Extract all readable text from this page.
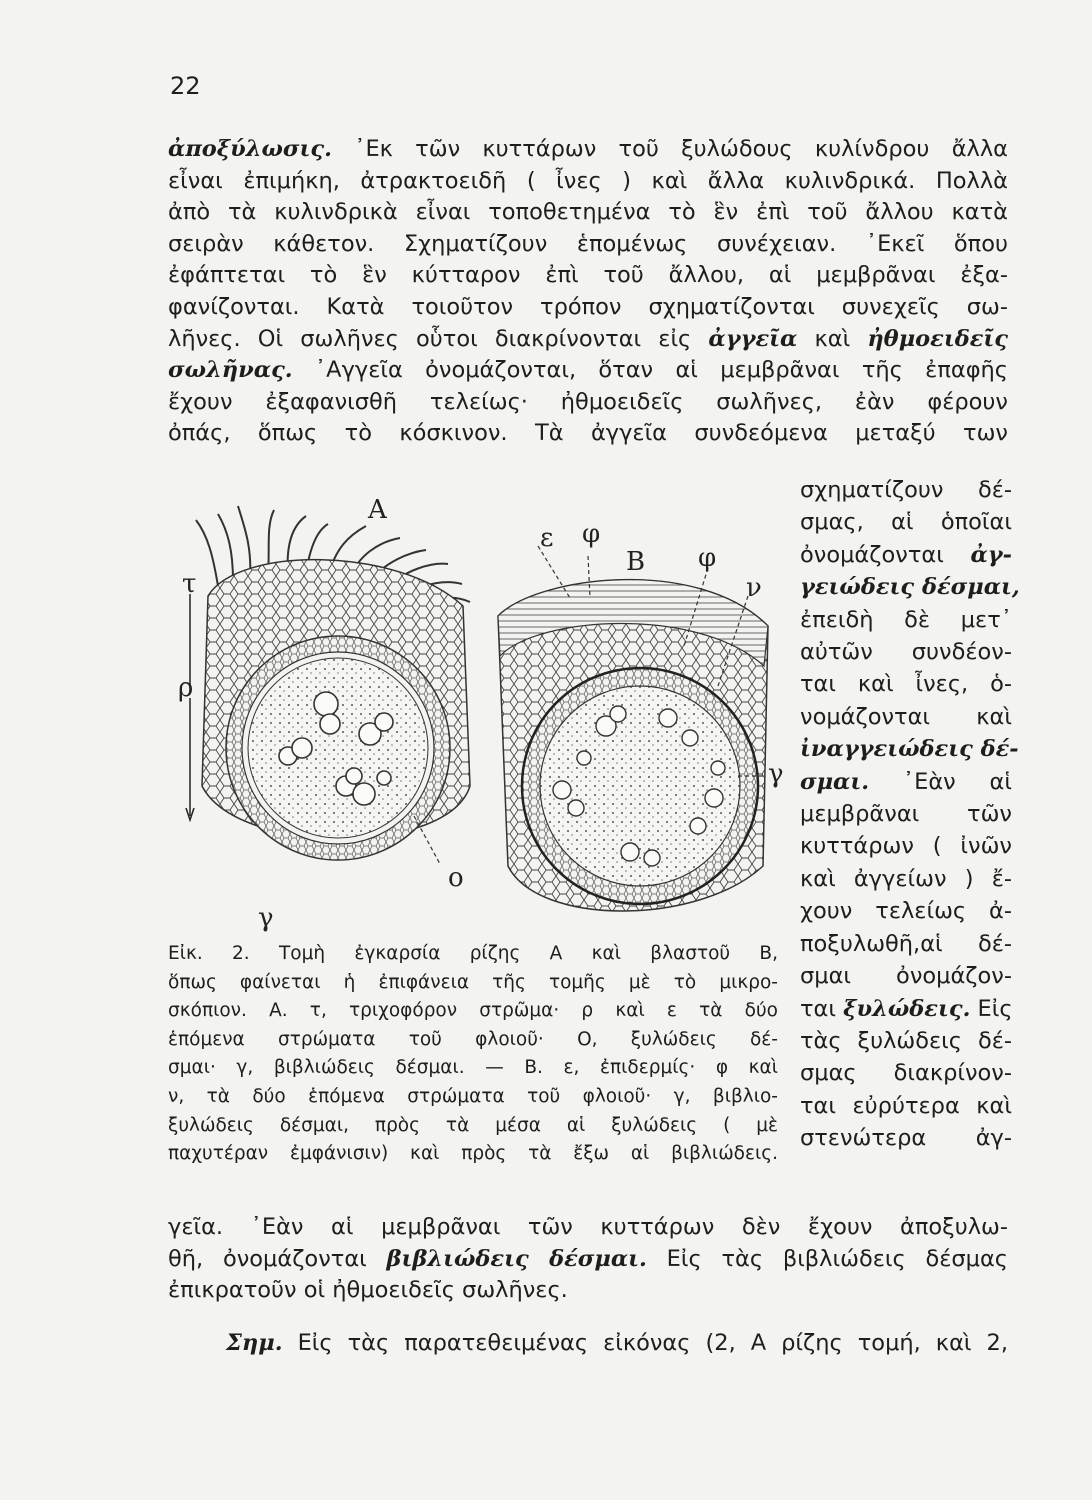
22
ἀποξύλωσις. ᾿Εκ τῶν κυττάρων τοῦ ξυλώδους κυλίνδρου ἄλλα
εἶναι ἐπιμήκη, ἀτρακτοειδῆ ( ἶνες ) καὶ ἄλλα κυλινδρικά. Πολλὰ
ἀπὸ τὰ κυλινδρικὰ εἶναι τοποθετημένα τὸ ἓν ἐπὶ τοῦ ἄλλου κατὰ
σειρὰν κάθετον. Σχηματίζουν ἑπομένως συνέχειαν. ᾿Εκεῖ ὅπου
ἐφάπτεται τὸ ἓν κύτταρον ἐπὶ τοῦ ἄλλου, αἱ μεμβρᾶναι ἐξα-
φανίζονται. Κατὰ τοιοῦτον τρόπον σχηματίζονται συνεχεῖς σω-
λῆνες. Οἱ σωλῆνες οὗτοι διακρίνονται εἰς ἀγγεῖα καὶ ἠθμοειδεῖς
σωλῆνας. ᾿Αγγεῖα ὀνομάζονται, ὅταν αἱ μεμβρᾶναι τῆς ἐπαφῆς
ἔχουν ἐξαφανισθῆ τελείως· ἠθμοειδεῖς σωλῆνες, ἐὰν φέρουν
ὀπάς, ὅπως τὸ κόσκινον. Τὰ ἀγγεῖα συνδεόμενα μεταξύ των
σχηματίζουν δέ-
σμας, αἱ ὁποῖαι
ὀνομάζονται ἀγ-
γειώδεις δέσμαι,
ἐπειδὴ δὲ μετ᾿
αὐτῶν συνδέον-
ται καὶ ἶνες, ὁ-
νομάζονται καὶ
ἰναγγειώδεις δέ-
σμαι. ᾿Εὰν αἱ
μεμβρᾶναι τῶν
κυττάρων ( ἰνῶν
καὶ ἀγγείων ) ἔ-
χουν τελείως ἀ-
ποξυλωθῆ,αἱ δέ-
σμαι ὀνομάζον-
ται ξυλώδεις. Εἰς
τὰς ξυλώδεις δέ-
σμας διακρίνον-
ται εὐρύτερα καὶ
στενώτερα ἀγ-
A
τ
ρ
γ
ο
ε φ
B φ
ν
γ
Εἰκ. 2. Τομὴ ἐγκαρσία ρίζης Α καὶ βλαστοῦ Β,
ὅπως φαίνεται ἡ ἐπιφάνεια τῆς τομῆς μὲ τὸ μικρο-
σκόπιον. Α. τ, τριχοφόρον στρῶμα· ρ καὶ ε τὰ δύο
ἑπόμενα στρώματα τοῦ φλοιοῦ· Ο, ξυλώδεις δέ-
σμαι· γ, βιβλιώδεις δέσμαι. — Β. ε, ἐπιδερμίς· φ καὶ
ν, τὰ δύο ἑπόμενα στρώματα τοῦ φλοιοῦ· γ, βιβλιο-
ξυλώδεις δέσμαι, πρὸς τὰ μέσα αἱ ξυλώδεις ( μὲ
παχυτέραν ἐμφάνισιν) καὶ πρὸς τὰ ἔξω αἱ βιβλιώδεις.
γεῖα. ᾿Εὰν αἱ μεμβρᾶναι τῶν κυττάρων δὲν ἔχουν ἀποξυλω-
θῆ, ὀνομάζονται βιβλιώδεις δέσμαι. Εἰς τὰς βιβλιώδεις δέσμας
ἐπικρατοῦν οἱ ἠθμοειδεῖς σωλῆνες.
Σημ. Εἰς τὰς παρατεθειμένας εἰκόνας (2, Α ρίζης τομή, καὶ 2,
